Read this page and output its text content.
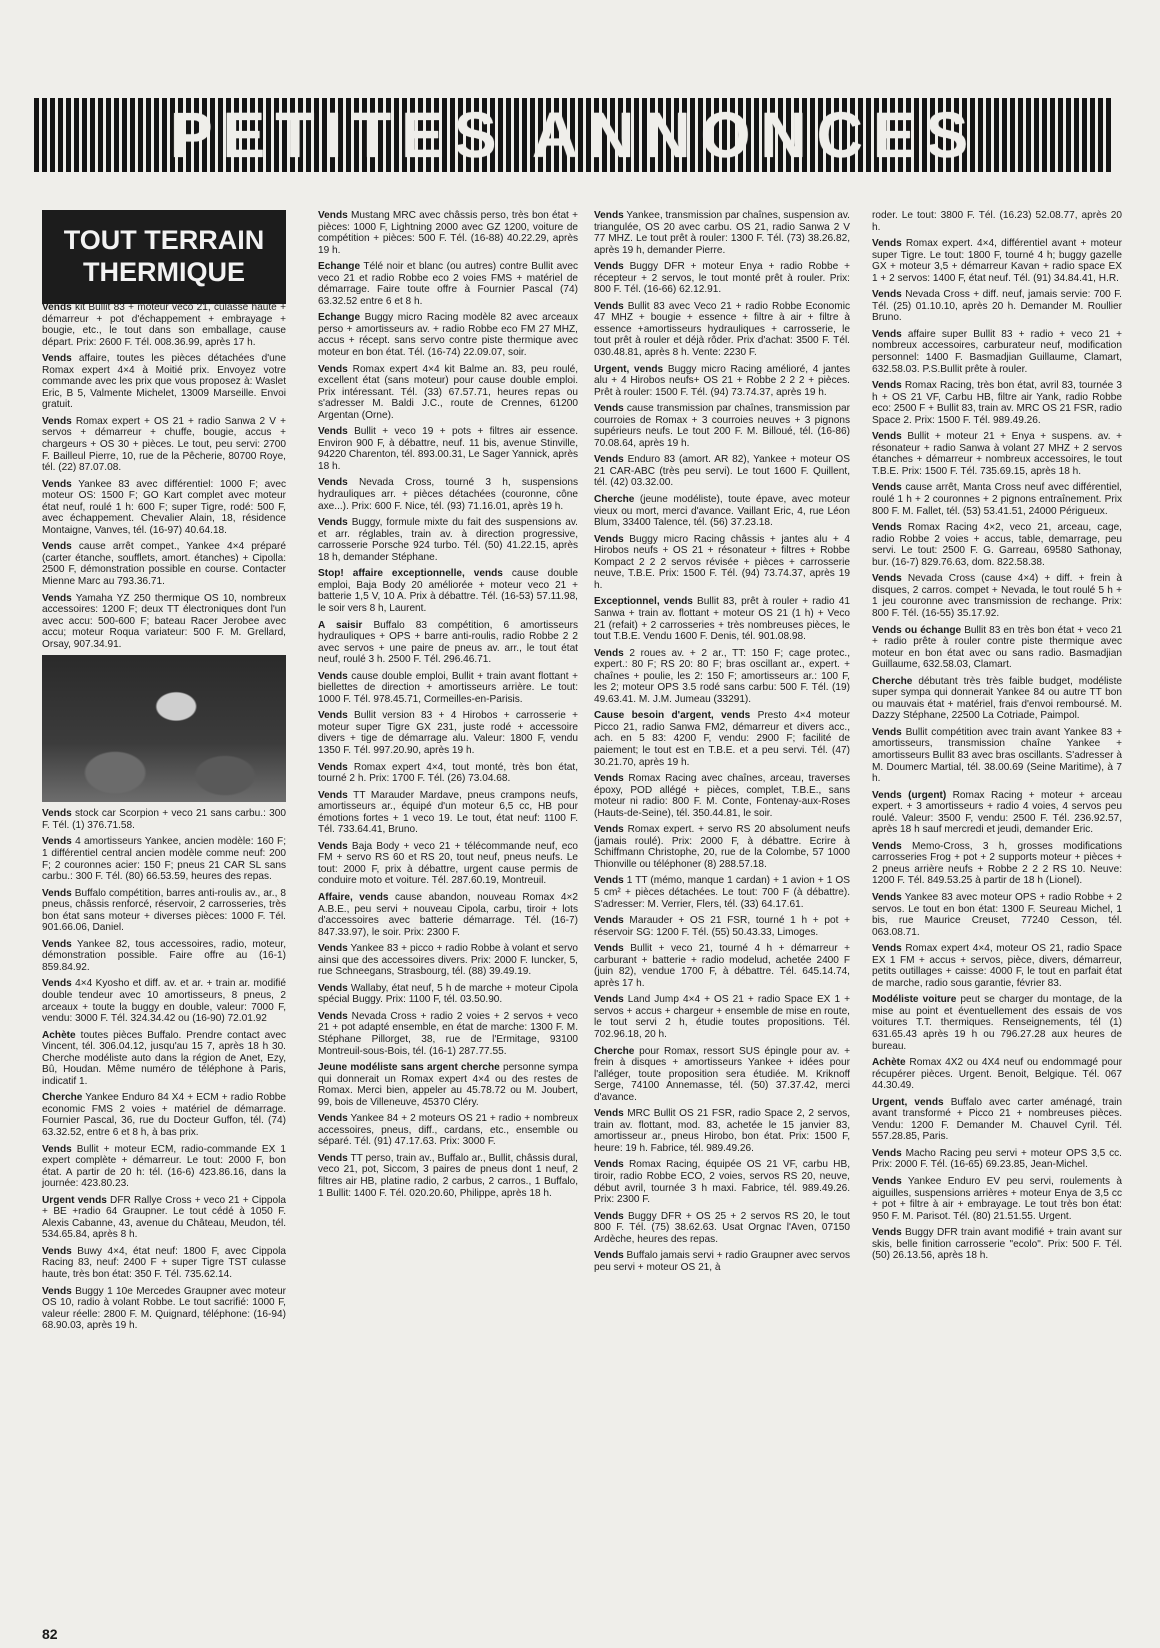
PETITES ANNONCES
TOUT TERRAIN THERMIQUE

Vends kit Bullit 83 + moteur veco 21, culasse haute + démarreur + pot d'échappement + embrayage + bougie, etc., le tout dans son emballage, cause départ. Prix: 2600 F. Tél. 008.36.99, après 17 h.

Vends affaire, toutes les pièces détachées d'une Romax expert 4×4 à Moitié prix. Envoyez votre commande avec les prix que vous proposez à: Waslet Eric, B 5, Valmente Michelet, 13009 Marseille. Envoi gratuit.

Vends Romax expert + OS 21 + radio Sanwa 2 V + servos + démarreur + chuffe, bougie, accus + chargeurs + OS 30 + pièces. Le tout, peu servi: 2700 F. Bailleul Pierre, 10, rue de la Pêcherie, 80700 Roye, tél. (22) 87.07.08.

Vends Yankee 83 avec différentiel: 1000 F; avec moteur OS: 1500 F; GO Kart complet avec moteur état neuf, roulé 1 h: 600 F; super Tigre, rodé: 500 F, avec échappement. Chevalier Alain, 18, résidence Montaigne, Vanves, tél. (16-97) 40.64.18.

Vends cause arrêt compet., Yankee 4×4 préparé (carter étanche, soufflets, amort. étanches) + Cipolla: 2500 F, démonstration possible en course. Contacter Mienne Marc au 793.36.71.

Vends Yamaha YZ 250 thermique OS 10, nombreux accessoires: 1200 F; deux TT électroniques dont l'un avec accu: 500-600 F; bateau Racer Jerobee avec accu; moteur Roqua variateur: 500 F. M. Grellard, Orsay, 907.34.91.

Vends stock car Scorpion + veco 21 sans carbu.: 300 F. Tél. (1) 376.71.58.

Vends 4 amortisseurs Yankee, ancien modèle: 160 F; 1 différentiel central ancien modèle comme neuf: 200 F; 2 couronnes acier: 150 F; pneus 21 CAR SL sans carbu.: 300 F. Tél. (80) 66.53.59, heures des repas.

Vends Buffalo compétition, barres anti-roulis av., ar., 8 pneus, châssis renforcé, réservoir, 2 carrosseries, très bon état sans moteur + diverses pièces: 1000 F. Tél. 901.66.06, Daniel.

Vends Yankee 82, tous accessoires, radio, moteur, démonstration possible. Faire offre au (16-1) 859.84.92.

Vends 4×4 Kyosho et diff. av. et ar. + train ar. modifié double tendeur avec 10 amortisseurs, 8 pneus, 2 arceaux + toute la buggy en double, valeur: 7000 F, vendu: 3000 F. Tél. 324.34.42 ou (16-90) 72.01.92

Achète toutes pièces Buffalo. Prendre contact avec Vincent, tél. 306.04.12, jusqu'au 15 7, après 18 h 30. Cherche modéliste auto dans la région de Anet, Ezy, Bû, Houdan. Même numéro de téléphone à Paris, indicatif 1.

Cherche Yankee Enduro 84 X4 + ECM + radio Robbe economic FMS 2 voies + matériel de démarrage. Fournier Pascal, 36, rue du Docteur Guffon, tél. (74) 63.32.52, entre 6 et 8 h, à bas prix.

Vends Bullit + moteur ECM, radio-commande EX 1 expert complète + démarreur. Le tout: 2000 F, bon état. A partir de 20 h: tél. (16-6) 423.86.16, dans la journée: 423.80.23.

Urgent vends DFR Rallye Cross + veco 21 + Cippola + BE +radio 64 Graupner. Le tout cédé à 1050 F. Alexis Cabanne, 43, avenue du Château, Meudon, tél. 534.65.84, après 8 h.

Vends Buwy 4×4, état neuf: 1800 F, avec Cippola Racing 83, neuf: 2400 F + super Tigre TST culasse haute, très bon état: 350 F. Tél. 735.62.14.

Vends Buggy 1 10e Mercedes Graupner avec moteur OS 10, radio à volant Robbe. Le tout sacrifié: 1000 F, valeur réelle: 2800 F. M. Quignard, téléphone: (16-94) 68.90.03, après 19 h.

Vends Mustang MRC avec châssis perso, très bon état + pièces: 1000 F, Lightning 2000 avec GZ 1200, voiture de compétition + pièces: 500 F. Tél. (16-88) 40.22.29, après 19 h.

Echange Télé noir et blanc (ou autres) contre Bullit avec veco 21 et radio Robbe eco 2 voies FMS + matériel de démarrage. Faire toute offre à Fournier Pascal (74) 63.32.52 entre 6 et 8 h.

Echange Buggy micro Racing modèle 82 avec arceaux perso + amortisseurs av. + radio Robbe eco FM 27 MHZ, accus + récept. sans servo contre piste thermique avec moteur en bon état. Tél. (16-74) 22.09.07, soir.

Vends Romax expert 4×4 kit Balme an. 83, peu roulé, excellent état (sans moteur) pour cause double emploi. Prix intéressant. Tél. (33) 67.57.71, heures repas ou s'adresser M. Baldi J.C., route de Crennes, 61200 Argentan (Orne).

Vends Bullit + veco 19 + pots + filtres air essence. Environ 900 F, à débattre, neuf. 11 bis, avenue Stinville, 94220 Charenton, tél. 893.00.31, Le Sager Yannick, après 18 h.

Vends Nevada Cross, tourné 3 h, suspensions hydrauliques arr. + pièces détachées (couronne, cône axe...). Prix: 600 F. Nice, tél. (93) 71.16.01, après 19 h.

Vends Buggy, formule mixte du fait des suspensions av. et arr. réglables, train av. à direction progressive, carrosserie Porsche 924 turbo. Tél. (50) 41.22.15, après 18 h, demander Stéphane.

Stop! affaire exceptionnelle, vends cause double emploi, Baja Body 20 améliorée + moteur veco 21 + batterie 1,5 V, 10 A. Prix à débattre. Tél. (16-53) 57.11.98, le soir vers 8 h, Laurent.

A saisir Buffalo 83 compétition, 6 amortisseurs hydrauliques + OPS + barre anti-roulis, radio Robbe 2 2 avec servos + une paire de pneus av. arr., le tout état neuf, roulé 3 h. 2500 F. Tél. 296.46.71.

Vends cause double emploi, Bullit + train avant flottant + biellettes de direction + amortisseurs arrière. Le tout: 1000 F. Tél. 978.45.71, Cormeilles-en-Parisis.

Vends Bullit version 83 + 4 Hirobos + carrosserie + moteur super Tigre GX 231, juste rodé + accessoire divers + tige de démarrage alu. Valeur: 1800 F, vendu 1350 F. Tél. 997.20.90, après 19 h.

Vends Romax expert 4×4, tout monté, très bon état, tourné 2 h. Prix: 1700 F. Tél. (26) 73.04.68.

Vends TT Marauder Mardave, pneus crampons neufs, amortisseurs ar., équipé d'un moteur 6,5 cc, HB pour émotions fortes + 1 veco 19. Le tout, état neuf: 1100 F. Tél. 733.64.41, Bruno.

Vends Baja Body + veco 21 + télécommande neuf, eco FM + servo RS 60 et RS 20, tout neuf, pneus neufs. Le tout: 2000 F, prix à débattre, urgent cause permis de conduire moto et voiture. Tél. 287.60.19, Montreuil.

Affaire, vends cause abandon, nouveau Romax 4×2 A.B.E., peu servi + nouveau Cipola, carbu, tiroir + lots d'accessoires avec batterie démarrage. Tél. (16-7) 847.33.97), le soir. Prix: 2300 F.

Vends Yankee 83 + picco + radio Robbe à volant et servo ainsi que des accessoires divers. Prix: 2000 F. Iuncker, 5, rue Schneegans, Strasbourg, tél. (88) 39.49.19.

Vends Wallaby, état neuf, 5 h de marche + moteur Cipola spécial Buggy. Prix: 1100 F, tél. 03.50.90.

Vends Nevada Cross + radio 2 voies + 2 servos + veco 21 + pot adapté ensemble, en état de marche: 1300 F. M. Stéphane Pillorget, 38, rue de l'Ermitage, 93100 Montreuil-sous-Bois, tél. (16-1) 287.77.55.

Jeune modéliste sans argent cherche personne sympa qui donnerait un Romax expert 4×4 ou des restes de Romax. Merci bien, appeler au 45.78.72 ou M. Joubert, 99, bois de Villeneuve, 45370 Cléry.

Vends Yankee 84 + 2 moteurs OS 21 + radio + nombreux accessoires, pneus, diff., cardans, etc., ensemble ou séparé. Tél. (91) 47.17.63. Prix: 3000 F.

Vends TT perso, train av., Buffalo ar., Bullit, châssis dural, veco 21, pot, Siccom, 3 paires de pneus dont 1 neuf, 2 filtres air HB, platine radio, 2 carbus, 2 carros., 1 Buffalo, 1 Bullit: 1400 F. Tél. 020.20.60, Philippe, après 18 h.

Vends Yankee, transmission par chaînes, suspension av. triangulée, OS 20 avec carbu. OS 21, radio Sanwa 2 V 77 MHZ. Le tout prêt à rouler: 1300 F. Tél. (73) 38.26.82, après 19 h, demander Pierre.

Vends Buggy DFR + moteur Enya + radio Robbe + récepteur + 2 servos, le tout monté prêt à rouler. Prix: 800 F. Tél. (16-66) 62.12.91.

Vends Bullit 83 avec Veco 21 + radio Robbe Economic 47 MHZ + bougie + essence + filtre à air + filtre à essence +amortisseurs hydrauliques + carrosserie, le tout prêt à rouler et déjà rôder. Prix d'achat: 3500 F. Tél. 030.48.81, après 8 h. Vente: 2230 F.

Urgent, vends Buggy micro Racing amélioré, 4 jantes alu + 4 Hirobos neufs+ OS 21 + Robbe 2 2 2 + pièces. Prêt à rouler: 1500 F. Tél. (94) 73.74.37, après 19 h.

Vends cause transmission par chaînes, transmission par courroies de Romax + 3 courroies neuves + 3 pignons supérieurs neufs. Le tout 200 F. M. Billoué, tél. (16-86) 70.08.64, après 19 h.

Vends Enduro 83 (amort. AR 82), Yankee + moteur OS 21 CAR-ABC (très peu servi). Le tout 1600 F. Quillent, tél. (42) 03.32.00.

Cherche (jeune modéliste), toute épave, avec moteur vieux ou mort, merci d'avance. Vaillant Eric, 4, rue Léon Blum, 33400 Talence, tél. (56) 37.23.18.

Vends Buggy micro Racing châssis + jantes alu + 4 Hirobos neufs + OS 21 + résonateur + filtres + Robbe Kompact 2 2 2 servos révisée + pièces + carrosserie neuve, T.B.E. Prix: 1500 F. Tél. (94) 73.74.37, après 19 h.

Exceptionnel, vends Bullit 83, prêt à rouler + radio 41 Sanwa + train av. flottant + moteur OS 21 (1 h) + Veco 21 (refait) + 2 carrosseries + très nombreuses pièces, le tout T.B.E. Vendu 1600 F. Denis, tél. 901.08.98.

Vends 2 roues av. + 2 ar., TT: 150 F; cage protec., expert.: 80 F; RS 20: 80 F; bras oscillant ar., expert. + chaînes + poulie, les 2: 150 F; amortisseurs ar.: 100 F, les 2; moteur OPS 3.5 rodé sans carbu: 500 F. Tél. (19) 49.63.41. M. J.M. Jumeau (33291).

Cause besoin d'argent, vends Presto 4×4 moteur Picco 21, radio Sanwa FM2, démarreur et divers acc., ach. en 5 83: 4200 F, vendu: 2900 F; facilité de paiement; le tout est en T.B.E. et a peu servi. Tél. (47) 30.21.70, après 19 h.

Vends Romax Racing avec chaînes, arceau, traverses époxy, POD allégé + pièces, complet, T.B.E., sans moteur ni radio: 800 F. M. Conte, Fontenay-aux-Roses (Hauts-de-Seine), tél. 350.44.81, le soir.

Vends Romax expert. + servo RS 20 absolument neufs (jamais roulé). Prix: 2000 F, à débattre. Ecrire à Schiffmann Christophe, 20, rue de la Colombe, 57 1000 Thionville ou téléphoner (8) 288.57.18.

Vends 1 TT (mémo, manque 1 cardan) + 1 avion + 1 OS 5 cm² + pièces détachées. Le tout: 700 F (à débattre). S'adresser: M. Verrier, Flers, tél. (33) 64.17.61.

Vends Marauder + OS 21 FSR, tourné 1 h + pot + réservoir SG: 1200 F. Tél. (55) 50.43.33, Limoges.

Vends Bullit + veco 21, tourné 4 h + démarreur + carburant + batterie + radio modelud, achetée 2400 F (juin 82), vendue 1700 F, à débattre. Tél. 645.14.74, après 17 h.

Vends Land Jump 4×4 + OS 21 + radio Space EX 1 + servos + accus + chargeur + ensemble de mise en route, le tout servi 2 h, étudie toutes propositions. Tél. 702.96.18, 20 h.

Cherche pour Romax, ressort SUS épingle pour av. + frein à disques + amortisseurs Yankee + idées pour l'alléger, toute proposition sera étudiée. M. Kriknoff Serge, 74100 Annemasse, tél. (50) 37.37.42, merci d'avance.

Vends MRC Bullit OS 21 FSR, radio Space 2, 2 servos, train av. flottant, mod. 83, achetée le 15 janvier 83, amortisseur ar., pneus Hirobo, bon état. Prix: 1500 F, heure: 19 h. Fabrice, tél. 989.49.26.

Vends Romax Racing, équipée OS 21 VF, carbu HB, tiroir, radio Robbe ECO, 2 voies, servos RS 20, neuve, début avril, tournée 3 h maxi. Fabrice, tél. 989.49.26. Prix: 2300 F.

Vends Buggy DFR + OS 25 + 2 servos RS 20, le tout 800 F. Tél. (75) 38.62.63. Usat Orgnac l'Aven, 07150 Ardèche, heures des repas.

Vends Buffalo jamais servi + radio Graupner avec servos peu servi + moteur OS 21, à

roder. Le tout: 3800 F. Tél. (16.23) 52.08.77, après 20 h.

Vends Romax expert. 4×4, différentiel avant + moteur super Tigre. Le tout: 1800 F, tourné 4 h; buggy gazelle GX + moteur 3,5 + démarreur Kavan + radio space EX 1 + 2 servos: 1400 F, état neuf. Tél. (91) 34.84.41, H.R.

Vends Nevada Cross + diff. neuf, jamais servie: 700 F. Tél. (25) 01.10.10, après 20 h. Demander M. Roullier Bruno.

Vends affaire super Bullit 83 + radio + veco 21 + nombreux accessoires, carburateur neuf, modification personnel: 1400 F. Basmadjian Guillaume, Clamart, 632.58.03. P.S.Bullit prête à rouler.

Vends Romax Racing, très bon état, avril 83, tournée 3 h + OS 21 VF, Carbu HB, filtre air Yank, radio Robbe eco: 2500 F + Bullit 83, train av. MRC OS 21 FSR, radio Space 2. Prix: 1500 F. Tél. 989.49.26.

Vends Bullit + moteur 21 + Enya + suspens. av. + résonateur + radio Sanwa à volant 27 MHZ + 2 servos étanches + démarreur + nombreux accessoires, le tout T.B.E. Prix: 1500 F. Tél. 735.69.15, après 18 h.

Vends cause arrêt, Manta Cross neuf avec différentiel, roulé 1 h + 2 couronnes + 2 pignons entraînement. Prix 800 F. M. Fallet, tél. (53) 53.41.51, 24000 Périgueux.

Vends Romax Racing 4×2, veco 21, arceau, cage, radio Robbe 2 voies + accus, table, demarrage, peu servi. Le tout: 2500 F. G. Garreau, 69580 Sathonay, bur. (16-7) 829.76.63, dom. 822.58.38.

Vends Nevada Cross (cause 4×4) + diff. + frein à disques, 2 carros. compet + Nevada, le tout roulé 5 h + 1 jeu couronne avec transmission de rechange. Prix: 800 F. Tél. (16-55) 35.17.92.

Vends ou échange Bullit 83 en très bon état + veco 21 + radio prête à rouler contre piste thermique avec moteur en bon état avec ou sans radio. Basmadjian Guillaume, 632.58.03, Clamart.

Cherche débutant très très faible budget, modéliste super sympa qui donnerait Yankee 84 ou autre TT bon ou mauvais état + matériel, frais d'envoi remboursé. M. Dazzy Stéphane, 22500 La Cotriade, Paimpol.

Vends Bullit compétition avec train avant Yankee 83 + amortisseurs, transmission chaîne Yankee + amortisseurs Bullit 83 avec bras oscillants. S'adresser à M. Doumerc Martial, tél. 38.00.69 (Seine Maritime), à 7 h.

Vends (urgent) Romax Racing + moteur + arceau expert. + 3 amortisseurs + radio 4 voies, 4 servos peu roulé. Valeur: 3500 F, vendu: 2500 F. Tél. 236.92.57, après 18 h sauf mercredi et jeudi, demander Eric.

Vends Memo-Cross, 3 h, grosses modifications carrosseries Frog + pot + 2 supports moteur + pièces + 2 pneus arrière neufs + Robbe 2 2 2 RS 10. Neuve: 1200 F. Tél. 849.53.25 à partir de 18 h (Lionel).

Vends Yankee 83 avec moteur OPS + radio Robbe + 2 servos. Le tout en bon état: 1300 F. Seureau Michel, 1 bis, rue Maurice Creuset, 77240 Cesson, tél. 063.08.71.

Vends Romax expert 4×4, moteur OS 21, radio Space EX 1 FM + accus + servos, pièce, divers, démarreur, petits outillages + caisse: 4000 F, le tout en parfait état de marche, radio sous garantie, février 83.

Modéliste voiture peut se charger du montage, de la mise au point et éventuellement des essais de vos voitures T.T. thermiques. Renseignements, tél (1) 631.65.43 après 19 h ou 796.27.28 aux heures de bureau.

Achète Romax 4X2 ou 4X4 neuf ou endommagé pour récupérer pièces. Urgent. Benoit, Belgique. Tél. 067 44.30.49.

Urgent, vends Buffalo avec carter aménagé, train avant transformé + Picco 21 + nombreuses pièces. Vendu: 1200 F. Demander M. Chauvel Cyril. Tél. 557.28.85, Paris.

Vends Macho Racing peu servi + moteur OPS 3,5 cc. Prix: 2000 F. Tél. (16-65) 69.23.85, Jean-Michel.

Vends Yankee Enduro EV peu servi, roulements à aiguilles, suspensions arrières + moteur Enya de 3,5 cc + pot + filtre à air + embrayage. Le tout très bon état: 950 F. M. Parisot. Tél. (80) 21.51.55. Urgent.

Vends Buggy DFR train avant modifié + train avant sur skis, belle finition carrosserie "ecolo". Prix: 500 F. Tél. (50) 26.13.56, après 18 h.

82
